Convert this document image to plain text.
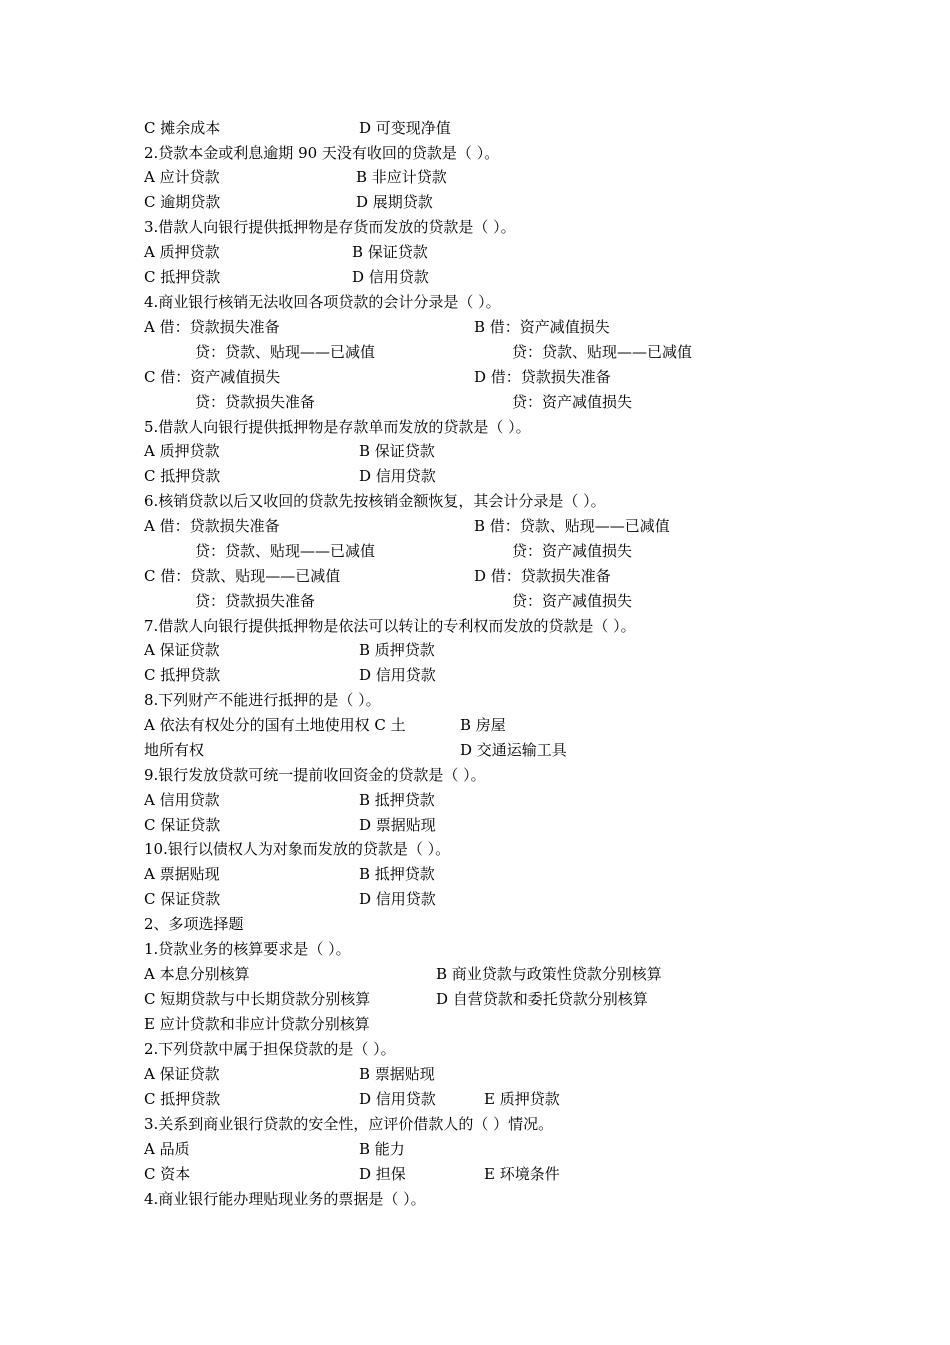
C 摊余成本	D 可变现净值
2.贷款本金或利息逾期 90 天没有收回的贷款是（ ）。
A 应计贷款	B 非应计贷款
C 逾期贷款	D 展期贷款
3.借款人向银行提供抵押物是存货而发放的贷款是（ ）。
A 质押贷款	B 保证贷款
C 抵押贷款	D 信用贷款
4.商业银行核销无法收回各项贷款的会计分录是（ ）。
A 借：贷款损失准备	B 借：资产减值损失
贷：贷款、贴现——已减值	贷：贷款、贴现——已减值
C 借：资产减值损失	D 借：贷款损失准备
贷：贷款损失准备	贷：资产减值损失
5.借款人向银行提供抵押物是存款单而发放的贷款是（ ）。
A 质押贷款	B 保证贷款
C 抵押贷款	D 信用贷款
6.核销贷款以后又收回的贷款先按核销金额恢复，其会计分录是（ ）。
A 借：贷款损失准备	B 借：贷款、贴现——已减值
贷：贷款、贴现——已减值	贷：资产减值损失
C 借：贷款、贴现——已减值	D 借：贷款损失准备
贷：贷款损失准备	贷：资产减值损失
7.借款人向银行提供抵押物是依法可以转让的专利权而发放的贷款是（ ）。
A 保证贷款	B 质押贷款
C 抵押贷款	D 信用贷款
8.下列财产不能进行抵押的是（ ）。
A 依法有权处分的国有土地使用权 C 土	B 房屋
地所有权	D 交通运输工具
9.银行发放贷款可统一提前收回资金的贷款是（ ）。
A 信用贷款	B 抵押贷款
C 保证贷款	D 票据贴现
10.银行以债权人为对象而发放的贷款是（ ）。
A 票据贴现	B 抵押贷款
C 保证贷款	D 信用贷款
2、多项选择题
1.贷款业务的核算要求是（ ）。
A 本息分别核算	B 商业贷款与政策性贷款分别核算
C 短期贷款与中长期贷款分别核算	D 自营贷款和委托贷款分别核算
E 应计贷款和非应计贷款分别核算
2.下列贷款中属于担保贷款的是（ ）。
A 保证贷款	B 票据贴现
C 抵押贷款	D 信用贷款	E 质押贷款
3.关系到商业银行贷款的安全性，应评价借款人的（ ）情况。
A 品质	B 能力
C 资本	D 担保	E 环境条件
4.商业银行能办理贴现业务的票据是（ ）。
